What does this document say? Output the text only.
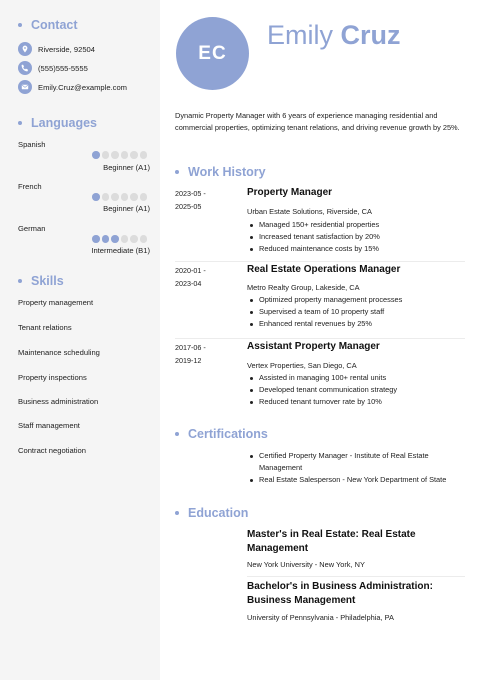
Contact
Riverside, 92504
(555)555-5555
Emily.Cruz@example.com
Languages
Spanish
Beginner (A1)
French
Beginner (A1)
German
Intermediate (B1)
Skills
Property management
Tenant relations
Maintenance scheduling
Property inspections
Business administration
Staff management
Contract negotiation
EC
Emily Cruz
Dynamic Property Manager with 6 years of experience managing residential and commercial properties, optimizing tenant relations, and driving revenue growth by 25%.
Work History
2023-05 -
2025-05
Property Manager
Urban Estate Solutions, Riverside, CA
Managed 150+ residential properties
Increased tenant satisfaction by 20%
Reduced maintenance costs by 15%
2020-01 -
2023-04
Real Estate Operations Manager
Metro Realty Group, Lakeside, CA
Optimized property management processes
Supervised a team of 10 property staff
Enhanced rental revenues by 25%
2017-06 -
2019-12
Assistant Property Manager
Vertex Properties, San Diego, CA
Assisted in managing 100+ rental units
Developed tenant communication strategy
Reduced tenant turnover rate by 10%
Certifications
Certified Property Manager - Institute of Real Estate Management
Real Estate Salesperson - New York Department of State
Education
Master's in Real Estate: Real Estate Management
New York University - New York, NY
Bachelor's in Business Administration: Business Management
University of Pennsylvania - Philadelphia, PA
